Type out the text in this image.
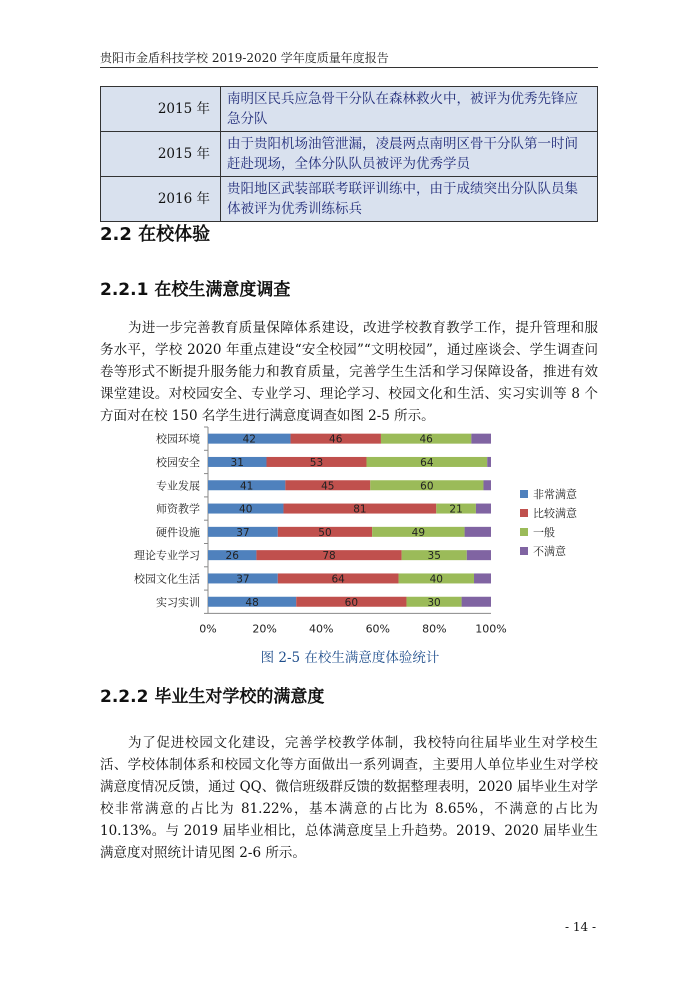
贵阳市金盾科技学校 2019-2020 学年度质量年度报告
2015 年	南明区民兵应急骨干分队在森林救火中，被评为优秀先锋应急分队
2015 年	由于贵阳机场油管泄漏，凌晨两点南明区骨干分队第一时间赶赴现场，全体分队队员被评为优秀学员
2016 年	贵阳地区武装部联考联评训练中，由于成绩突出分队队员集体被评为优秀训练标兵
2.2 在校体验
2.2.1 在校生满意度调查

为进一步完善教育质量保障体系建设，改进学校教育教学工作，提升管理和服务水平，学校 2020 年重点建设“安全校园”“文明校园”，通过座谈会、学生调查问卷等形式不断提升服务能力和教育质量，完善学生生活和学习保障设备，推进有效课堂建设。对校园安全、专业学习、理论学习、校园文化和生活、实习实训等 8 个方面对在校 150 名学生进行满意度调查如图 2-5 所示。

校园环境	42	46	46
校园安全	31	53	64
专业发展	41	45	60
师资教学	40	81	21
硬件设施	37	50	49
理论专业学习 26	78	35
校园文化生活	37	64	40
实习实训	48	60	30
0%	20%	40%	60%	80%	100%
非常满意
比较满意
一般
不满意
图 2-5 在校生满意度体验统计
2.2.2 毕业生对学校的满意度

为了促进校园文化建设，完善学校教学体制，我校特向往届毕业生对学校生活、学校体制体系和校园文化等方面做出一系列调查，主要用人单位毕业生对学校满意度情况反馈，通过 QQ、微信班级群反馈的数据整理表明，2020 届毕业生对学校非常满意的占比为 81.22%，基本满意的占比为 8.65%，不满意的占比为 10.13%。与 2019 届毕业相比，总体满意度呈上升趋势。2019、2020 届毕业生满意度对照统计请见图 2-6 所示。

- 14 -
